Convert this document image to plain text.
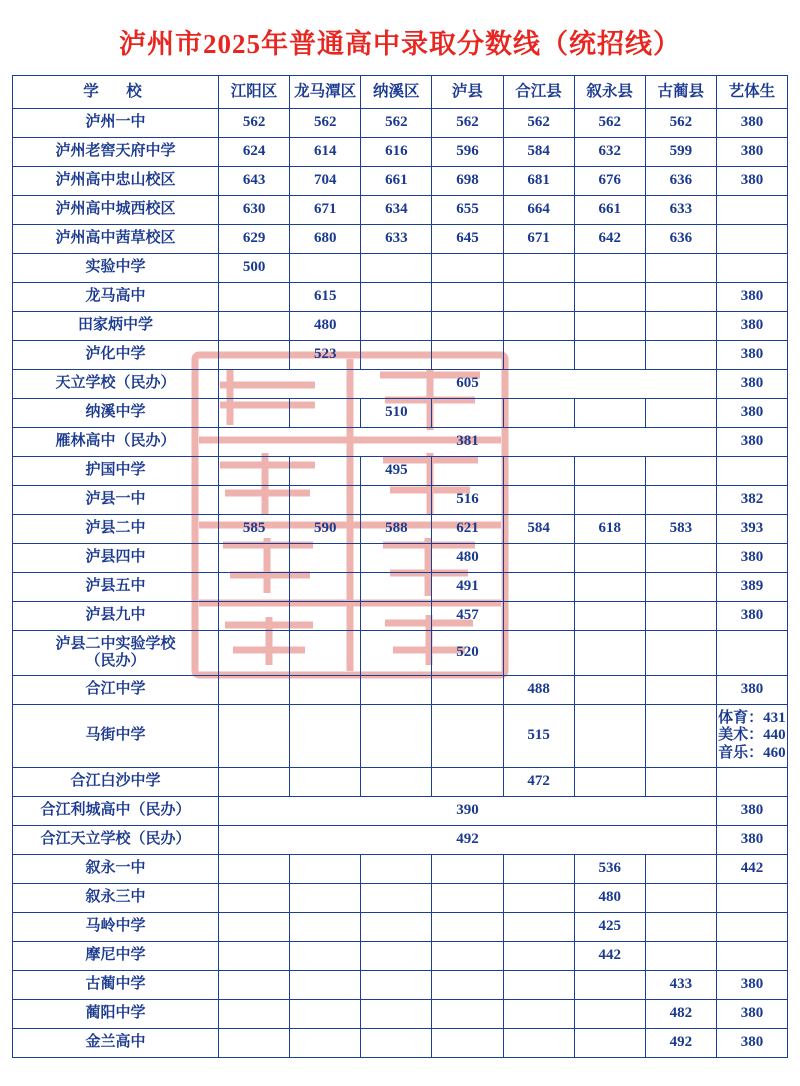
泸州市2025年普通高中录取分数线（统招线）
学　校	江阳区	龙马潭区	纳溪区	泸县	合江县	叙永县	古蔺县	艺体生
泸州一中	562	562	562	562	562	562	562	380
泸州老窖天府中学	624	614	616	596	584	632	599	380
泸州高中忠山校区	643	704	661	698	681	676	636	380
泸州高中城西校区	630	671	634	655	664	661	633	
泸州高中茜草校区	629	680	633	645	671	642	636	
实验中学	500							
龙马高中		615						380
田家炳中学		480						380
泸化中学		523						380
天立学校（民办）	605							380
纳溪中学			510					380
雁林高中（民办）	381							380
护国中学			495					
泸县一中				516				382
泸县二中	585	590	588	621	584	618	583	393
泸县四中				480				380
泸县五中				491				389
泸县九中				457				380

泸县二中实验学校
（民办）				520				
合江中学					488			380
马街中学					515			体育：431
美术：440
音乐：460

合江白沙中学					472			
合江利城高中（民办）	390							380
合江天立学校（民办）	492							380
叙永一中						536		442
叙永三中						480		
马岭中学						425		
摩尼中学						442		
古蔺中学							433	380
蔺阳中学							482	380
金兰高中							492	380
